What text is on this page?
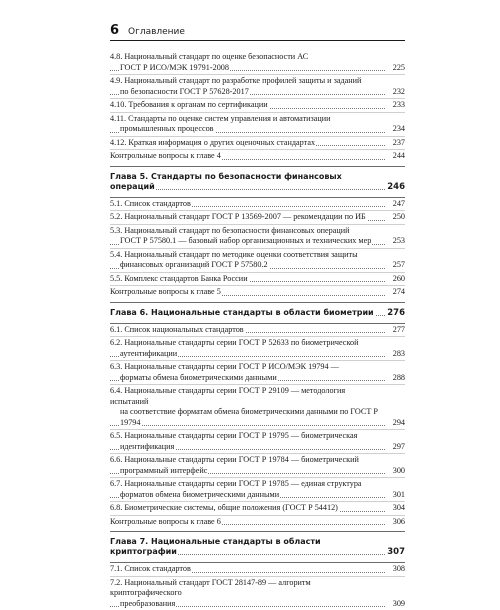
6 Оглавление
4.8. Национальный стандарт по оценке безопасности АС
ГОСТ Р ИСО/МЭК 19791-2008	225
4.9. Национальный стандарт по разработке профилей защиты и заданий
по безопасности ГОСТ Р 57628-2017	232
4.10. Требования к органам по сертификации	233
4.11. Стандарты по оценке систем управления и автоматизации
промышленных процессов	234
4.12. Краткая информация о других оценочных стандартах	237
Контрольные вопросы к главе 4	244
Глава 5. Стандарты по безопасности финансовых операций	246
5.1. Список стандартов	247
5.2. Национальный стандарт ГОСТ Р 13569-2007 — рекомендации по ИБ	250
5.3. Национальный стандарт по безопасности финансовых операций
ГОСТ Р 57580.1 — базовый набор организационных и технических мер	253
5.4. Национальный стандарт по методике оценки соответствия защиты
финансовых организаций ГОСТ Р 57580.2	257
5.5. Комплекс стандартов Банка России	260
Контрольные вопросы к главе 5	274
Глава 6. Национальные стандарты в области биометрии	276
6.1. Список национальных стандартов	277
6.2. Национальные стандарты серии ГОСТ Р 52633 по биометрической
аутентификации	283
6.3. Национальные стандарты серии ГОСТ Р ИСО/МЭК 19794 —
форматы обмена биометрическими данными	288
6.4. Национальные стандарты серии ГОСТ Р 29109 — методология испытаний
на соответствие форматам обмена биометрическими данными по ГОСТ Р 19794	294
6.5. Национальные стандарты серии ГОСТ Р 19795 — биометрическая
идентификация	297
6.6. Национальные стандарты серии ГОСТ Р 19784 — биометрический
программный интерфейс	300
6.7. Национальные стандарты серии ГОСТ Р 19785 — единая структура
форматов обмена биометрическими данными	301
6.8. Биометрические системы, общие положения (ГОСТ Р 54412)	304
Контрольные вопросы к главе 6	306
Глава 7. Национальные стандарты в области криптографии	307
7.1. Список стандартов	308
7.2. Национальный стандарт ГОСТ 28147-89 — алгоритм криптографического
преобразования	309
